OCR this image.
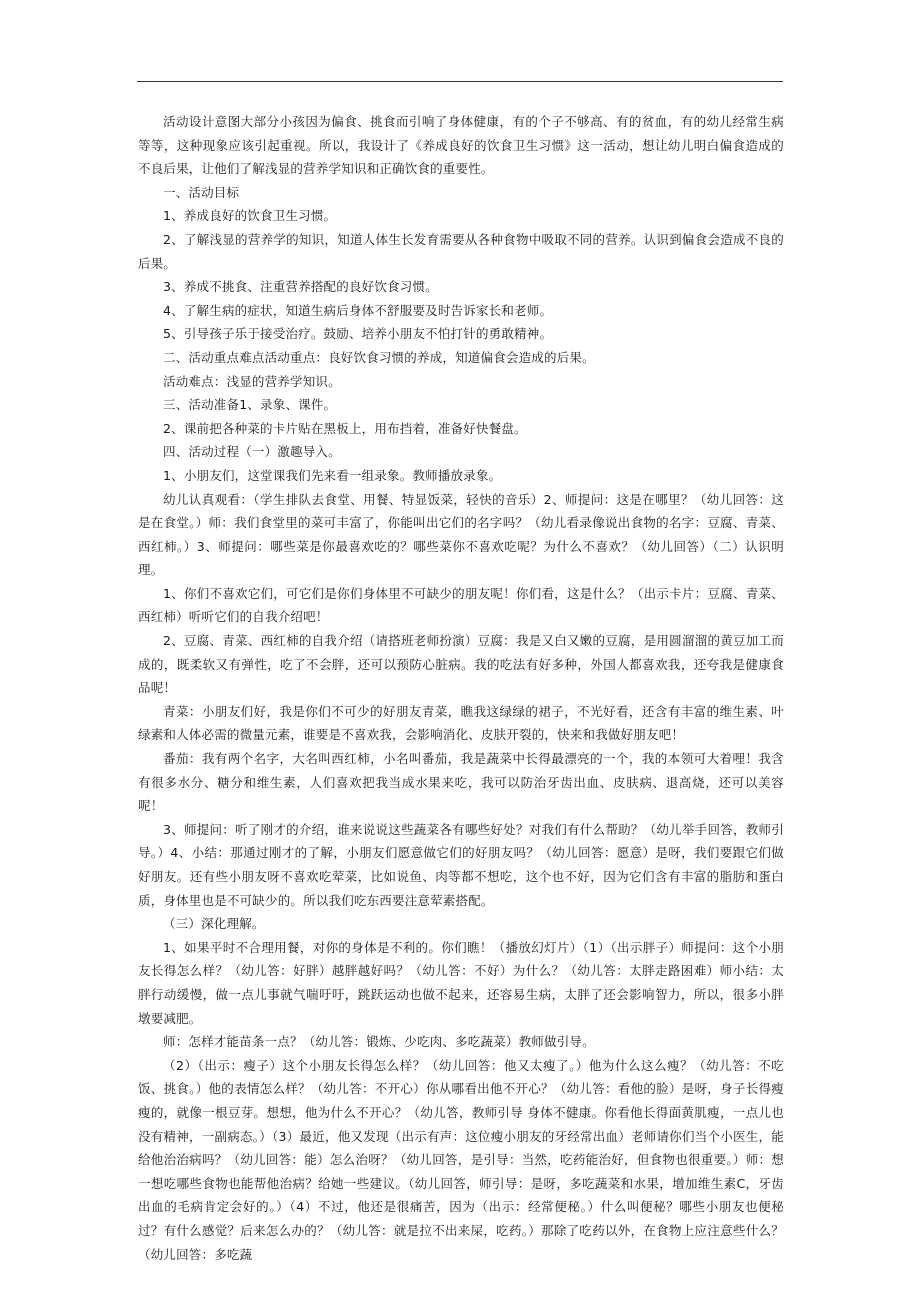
活动设计意图大部分小孩因为偏食、挑食而引响了身体健康，有的个子不够高、有的贫血，有的幼儿经常生病等等，这种现象应该引起重视。所以，我设计了《养成良好的饮食卫生习惯》这一活动，想让幼儿明白偏食造成的不良后果，让他们了解浅显的营养学知识和正确饮食的重要性。

一、活动目标

1、养成良好的饮食卫生习惯。

2、了解浅显的营养学的知识，知道人体生长发育需要从各种食物中吸取不同的营养。认识到偏食会造成不良的后果。

3、养成不挑食、注重营养搭配的良好饮食习惯。

4、了解生病的症状，知道生病后身体不舒服要及时告诉家长和老师。

5、引导孩子乐于接受治疗。鼓励、培养小朋友不怕打针的勇敢精神。

二、活动重点难点活动重点：良好饮食习惯的养成，知道偏食会造成的后果。

活动难点：浅显的营养学知识。

三、活动准备1、录象、课件。

2、课前把各种菜的卡片贴在黑板上，用布挡着，准备好快餐盘。

四、活动过程（一）激趣导入。

1、小朋友们，这堂课我们先来看一组录象。教师播放录象。

幼儿认真观看：（学生排队去食堂、用餐、特显饭菜，轻快的音乐）2、师提问：这是在哪里？（幼儿回答：这是在食堂。）师：我们食堂里的菜可丰富了，你能叫出它们的名字吗？（幼儿看录像说出食物的名字：豆腐、青菜、西红柿。）3、师提问：哪些菜是你最喜欢吃的？哪些菜你不喜欢吃呢？为什么不喜欢？（幼儿回答）（二）认识明理。

1、你们不喜欢它们，可它们是你们身体里不可缺少的朋友呢！你们看，这是什么？（出示卡片：豆腐、青菜、西红柿）听听它们的自我介绍吧！

2、豆腐、青菜、西红柿的自我介绍（请搭班老师扮演）豆腐：我是又白又嫩的豆腐，是用圆溜溜的黄豆加工而成的，既柔软又有弹性，吃了不会胖，还可以预防心脏病。我的吃法有好多种，外国人都喜欢我，还夸我是健康食品呢！

青菜：小朋友们好，我是你们不可少的好朋友青菜，瞧我这绿绿的裙子，不光好看，还含有丰富的维生素、叶绿素和人体必需的微量元素，谁要是不喜欢我，会影响消化、皮肤开裂的，快来和我做好朋友吧！

番茄：我有两个名字，大名叫西红柿，小名叫番茄，我是蔬菜中长得最漂亮的一个，我的本领可大着哩！我含有很多水分、糖分和维生素，人们喜欢把我当成水果来吃，我可以防治牙齿出血、皮肤病、退高烧，还可以美容呢！

3、师提问：听了刚才的介绍，谁来说说这些蔬菜各有哪些好处？对我们有什么帮助？（幼儿举手回答，教师引导。）4、小结：那通过刚才的了解，小朋友们愿意做它们的好朋友吗？（幼儿回答：愿意）是呀，我们要跟它们做好朋友。还有些小朋友呀不喜欢吃荤菜，比如说鱼、肉等都不想吃，这个也不好，因为它们含有丰富的脂肪和蛋白质，身体里也是不可缺少的。所以我们吃东西要注意荤素搭配。

（三）深化理解。

1、如果平时不合理用餐，对你的身体是不利的。你们瞧！（播放幻灯片）（1）（出示胖子）师提问：这个小朋友长得怎么样？（幼儿答：好胖）越胖越好吗？（幼儿答：不好）为什么？（幼儿答：太胖走路困难）师小结：太胖行动缓慢，做一点儿事就气喘吁吁，跳跃运动也做不起来，还容易生病，太胖了还会影响智力，所以，很多小胖墩要减肥。

师：怎样才能苗条一点？（幼儿答：锻炼、少吃肉、多吃蔬菜）教师做引导。

（2）（出示：瘦子）这个小朋友长得怎么样？（幼儿回答：他又太瘦了。）他为什么这么瘦？（幼儿答：不吃饭、挑食。）他的表情怎么样？（幼儿答：不开心）你从哪看出他不开心？（幼儿答：看他的脸）是呀，身子长得瘦瘦的，就像一根豆芽。想想，他为什么不开心？（幼儿答，教师引导 身体不健康。你看他长得面黄肌瘦，一点儿也没有精神，一副病态。）（3）最近，他又发现（出示有声：这位瘦小朋友的牙经常出血）老师请你们当个小医生，能给他治治病吗？（幼儿回答：能）怎么治呀？（幼儿回答，是引导：当然，吃药能治好，但食物也很重要。）师：想一想吃哪些食物也能帮他治病？给她一些建议。（幼儿回答，师引导：是呀，多吃蔬菜和水果，增加维生素C，牙齿出血的毛病肯定会好的。）（4）不过，他还是很痛苦，因为（出示：经常便秘。）什么叫便秘？哪些小朋友也便秘过？有什么感觉？后来怎么办的？（幼儿答：就是拉不出来屎，吃药。）那除了吃药以外，在食物上应注意些什么？（幼儿回答：多吃蔬
